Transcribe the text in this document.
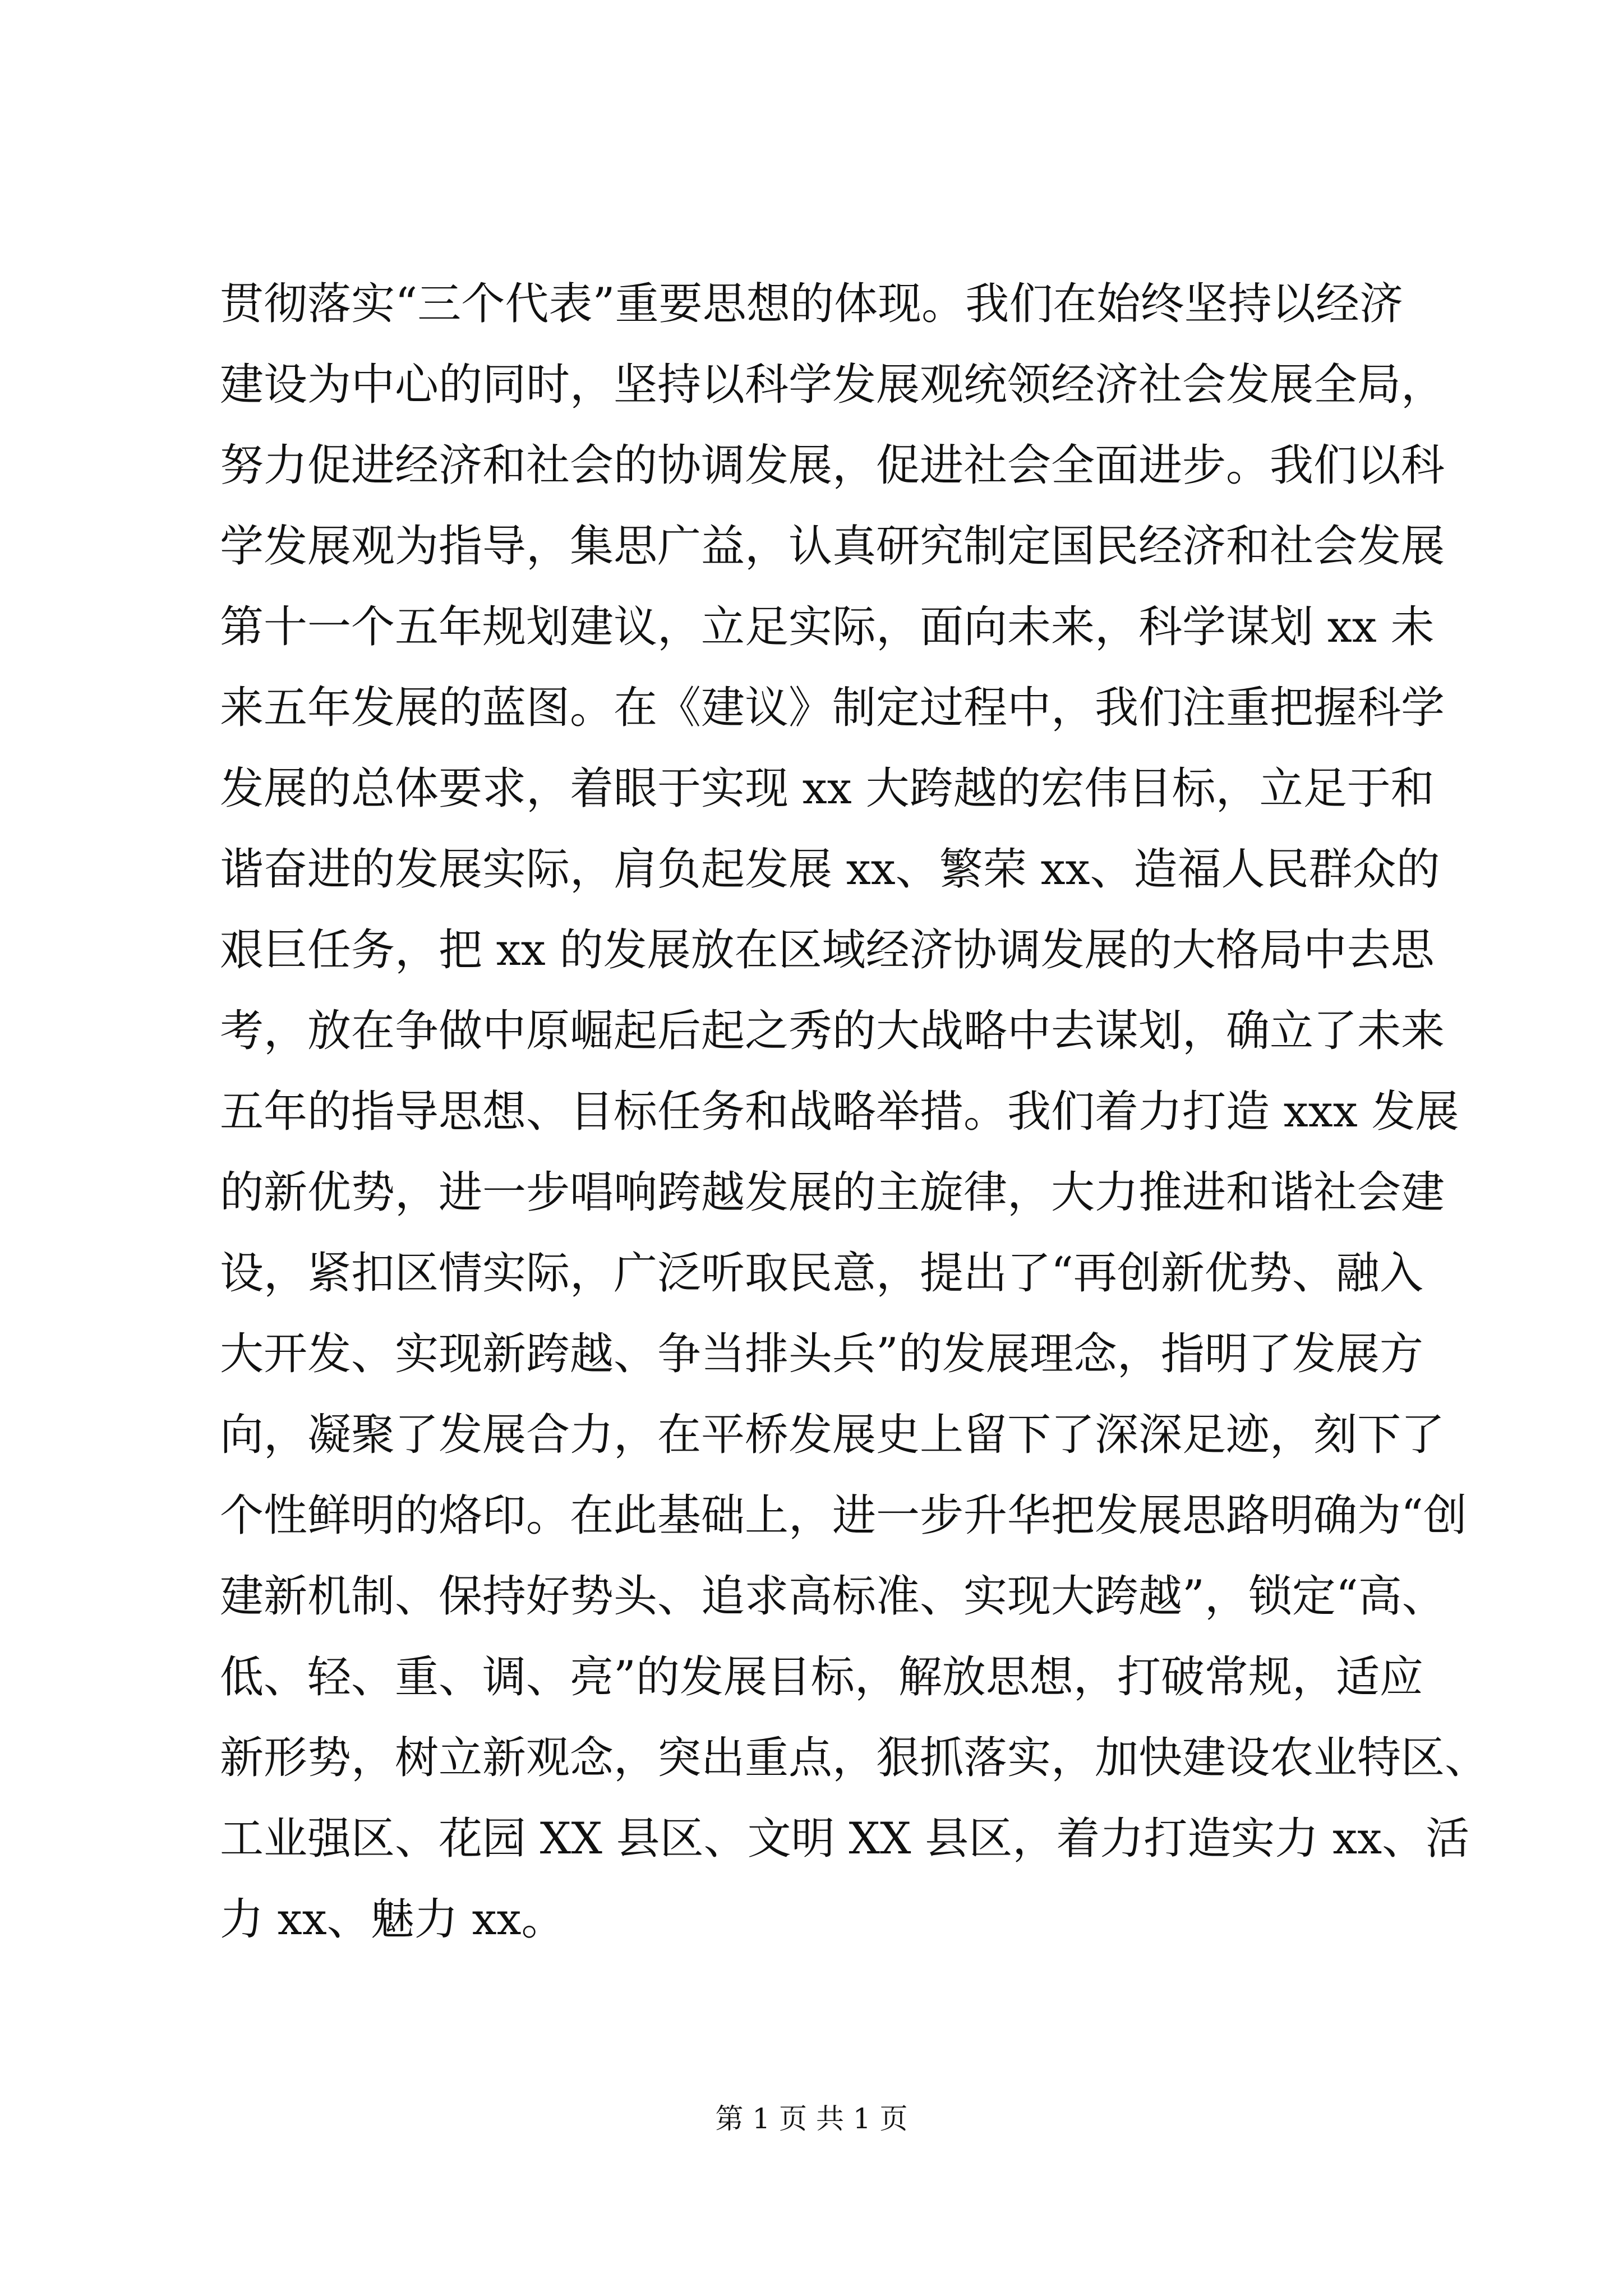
贯彻落实“三个代表”重要思想的体现。我们在始终坚持以经济
建设为中心的同时，坚持以科学发展观统领经济社会发展全局，
努力促进经济和社会的协调发展，促进社会全面进步。我们以科
学发展观为指导，集思广益，认真研究制定国民经济和社会发展
第十一个五年规划建议，立足实际，面向未来，科学谋划 xx 未
来五年发展的蓝图。在《建议》制定过程中，我们注重把握科学
发展的总体要求，着眼于实现 xx 大跨越的宏伟目标，立足于和
谐奋进的发展实际，肩负起发展 xx、繁荣 xx、造福人民群众的
艰巨任务，把 xx 的发展放在区域经济协调发展的大格局中去思
考，放在争做中原崛起后起之秀的大战略中去谋划，确立了未来
五年的指导思想、目标任务和战略举措。我们着力打造 xxx 发展
的新优势，进一步唱响跨越发展的主旋律，大力推进和谐社会建
设，紧扣区情实际，广泛听取民意，提出了“再创新优势、融入
大开发、实现新跨越、争当排头兵”的发展理念，指明了发展方
向，凝聚了发展合力，在平桥发展史上留下了深深足迹，刻下了
个性鲜明的烙印。在此基础上，进一步升华把发展思路明确为“创
建新机制、保持好势头、追求高标准、实现大跨越”，锁定“高、
低、轻、重、调、亮”的发展目标，解放思想，打破常规，适应
新形势，树立新观念，突出重点，狠抓落实，加快建设农业特区、
工业强区、花园 XX 县区、文明 XX 县区，着力打造实力 xx、活
力 xx、魅力 xx。
第 1 页 共 1 页
